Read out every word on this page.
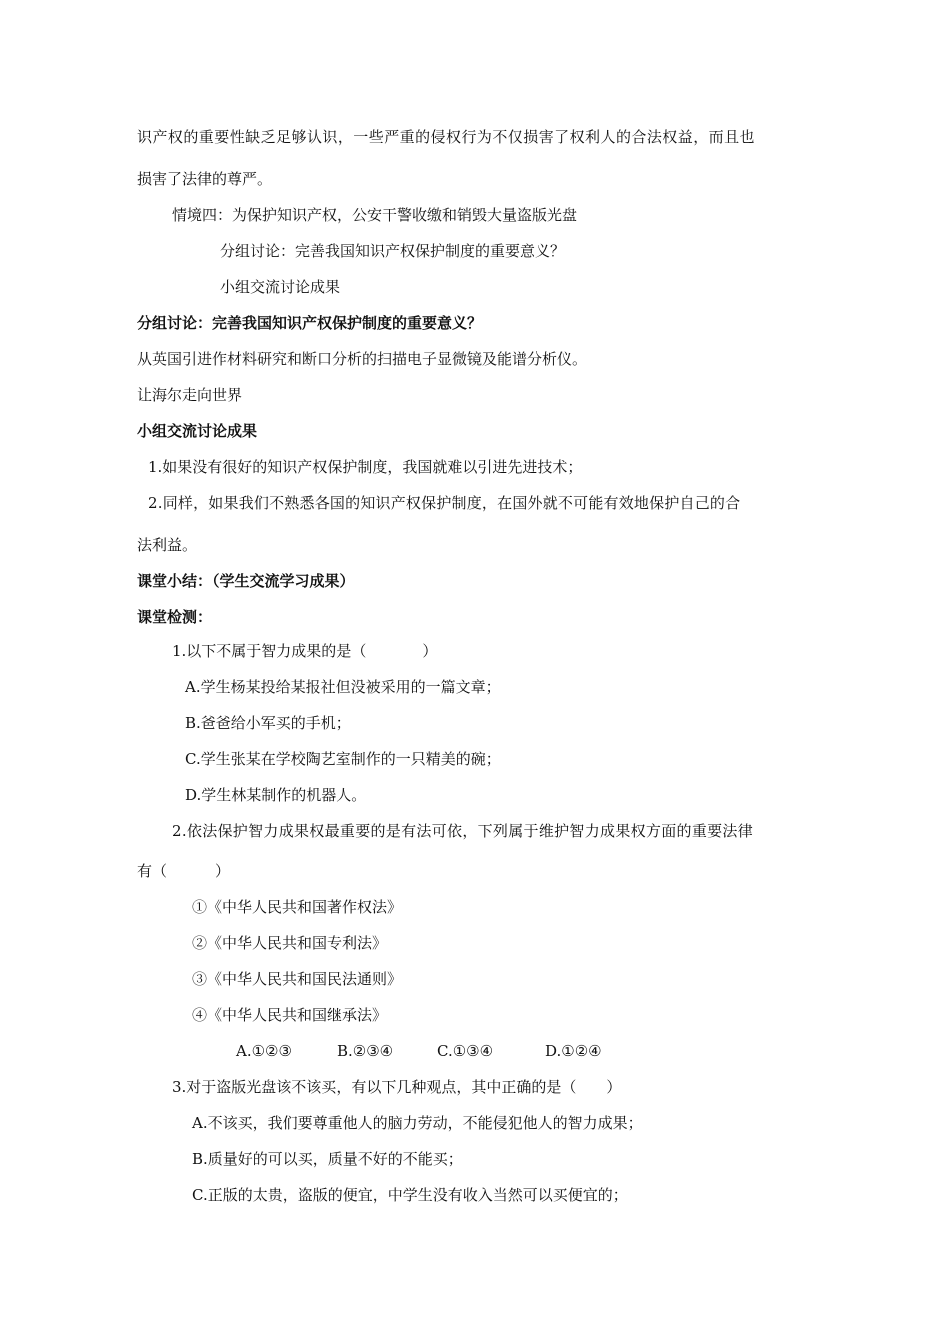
识产权的重要性缺乏足够认识，一些严重的侵权行为不仅损害了权利人的合法权益，而且也
损害了法律的尊严。
情境四：为保护知识产权，公安干警收缴和销毁大量盗版光盘
分组讨论：完善我国知识产权保护制度的重要意义？
小组交流讨论成果
分组讨论：完善我国知识产权保护制度的重要意义？
从英国引进作材料研究和断口分析的扫描电子显微镜及能谱分析仪。
让海尔走向世界
小组交流讨论成果
1.如果没有很好的知识产权保护制度，我国就难以引进先进技术；
2.同样，如果我们不熟悉各国的知识产权保护制度，在国外就不可能有效地保护自己的合
法利益。
课堂小结：（学生交流学习成果）
课堂检测：
1.以下不属于智力成果的是（	）
A.学生杨某投给某报社但没被采用的一篇文章；
B.爸爸给小军买的手机；
C.学生张某在学校陶艺室制作的一只精美的碗；
D.学生林某制作的机器人。
2.依法保护智力成果权最重要的是有法可依，下列属于维护智力成果权方面的重要法律
有（	）
①《中华人民共和国著作权法》
②《中华人民共和国专利法》
③《中华人民共和国民法通则》
④《中华人民共和国继承法》
A.①②③	B.②③④	C.①③④	D.①②④
3.对于盗版光盘该不该买，有以下几种观点，其中正确的是（ ）
A.不该买，我们要尊重他人的脑力劳动，不能侵犯他人的智力成果；
B.质量好的可以买，质量不好的不能买；
C.正版的太贵，盗版的便宜，中学生没有收入当然可以买便宜的；
